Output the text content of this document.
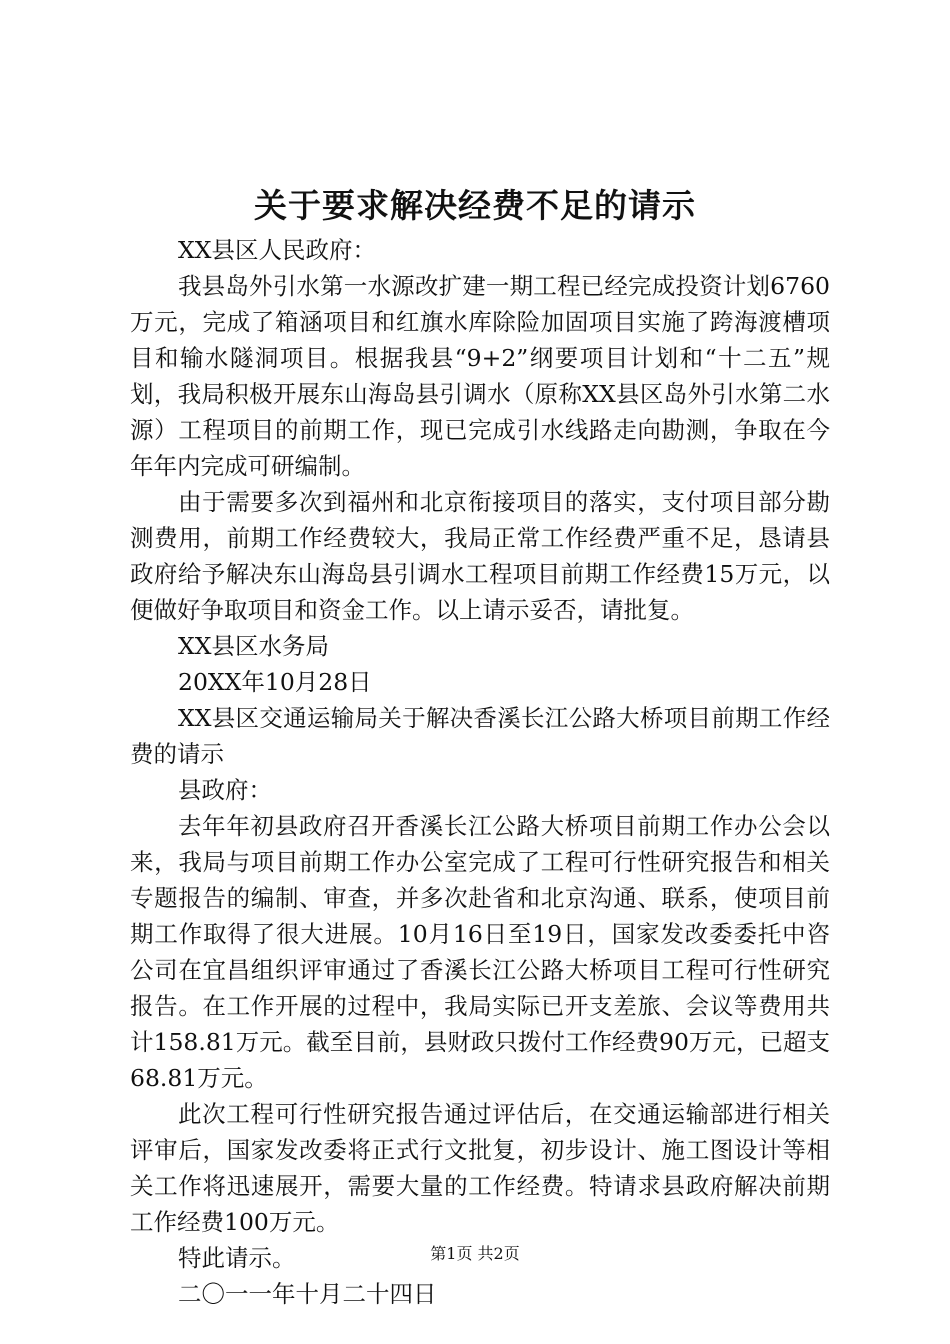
关于要求解决经费不足的请示

XX县区人民政府：

我县岛外引水第一水源改扩建一期工程已经完成投资计划6760万元，完成了箱涵项目和红旗水库除险加固项目实施了跨海渡槽项目和输水隧洞项目。根据我县“9+2”纲要项目计划和“十二五”规划，我局积极开展东山海岛县引调水（原称XX县区岛外引水第二水源）工程项目的前期工作，现已完成引水线路走向勘测，争取在今年年内完成可研编制。

由于需要多次到福州和北京衔接项目的落实，支付项目部分勘测费用，前期工作经费较大，我局正常工作经费严重不足，恳请县政府给予解决东山海岛县引调水工程项目前期工作经费15万元，以便做好争取项目和资金工作。以上请示妥否，请批复。

XX县区水务局

20XX年10月28日

XX县区交通运输局关于解决香溪长江公路大桥项目前期工作经费的请示

县政府：

去年年初县政府召开香溪长江公路大桥项目前期工作办公会以来，我局与项目前期工作办公室完成了工程可行性研究报告和相关专题报告的编制、审查，并多次赴省和北京沟通、联系，使项目前期工作取得了很大进展。10月16日至19日，国家发改委委托中咨公司在宜昌组织评审通过了香溪长江公路大桥项目工程可行性研究报告。在工作开展的过程中，我局实际已开支差旅、会议等费用共计158.81万元。截至目前，县财政只拨付工作经费90万元，已超支68.81万元。

此次工程可行性研究报告通过评估后，在交通运输部进行相关评审后，国家发改委将正式行文批复，初步设计、施工图设计等相关工作将迅速展开，需要大量的工作经费。特请求县政府解决前期工作经费100万元。

特此请示。

二〇一一年十月二十四日

第1页 共2页
